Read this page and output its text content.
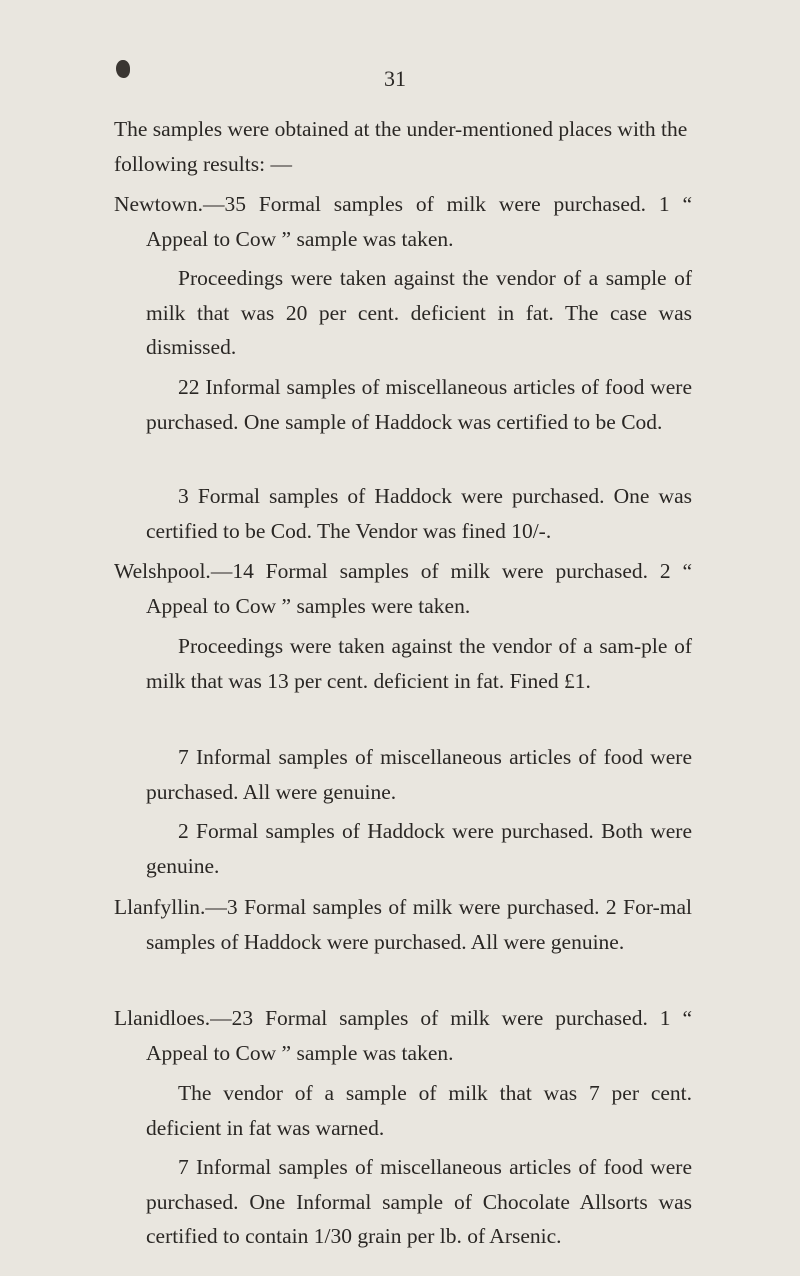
31

The samples were obtained at the under-mentioned places with the following results: —

Newtown.—35 Formal samples of milk were purchased. 1 “ Appeal to Cow ” sample was taken.

Proceedings were taken against the vendor of a sample of milk that was 20 per cent. deficient in fat. The case was dismissed.

22 Informal samples of miscellaneous articles of food were purchased. One sample of Haddock was certified to be Cod.

3 Formal samples of Haddock were purchased. One was certified to be Cod. The Vendor was fined 10/-.

Welshpool.—14 Formal samples of milk were purchased. 2 “ Appeal to Cow ” samples were taken.

Proceedings were taken against the vendor of a sam-ple of milk that was 13 per cent. deficient in fat. Fined £1.

7 Informal samples of miscellaneous articles of food were purchased. All were genuine.

2 Formal samples of Haddock were purchased. Both were genuine.

Llanfyllin.—3 Formal samples of milk were purchased. 2 For-mal samples of Haddock were purchased. All were genuine.

Llanidloes.—23 Formal samples of milk were purchased. 1 “ Appeal to Cow ” sample was taken.

The vendor of a sample of milk that was 7 per cent. deficient in fat was warned.

7 Informal samples of miscellaneous articles of food were purchased. One Informal sample of Chocolate Allsorts was certified to contain 1/30 grain per lb. of Arsenic.
